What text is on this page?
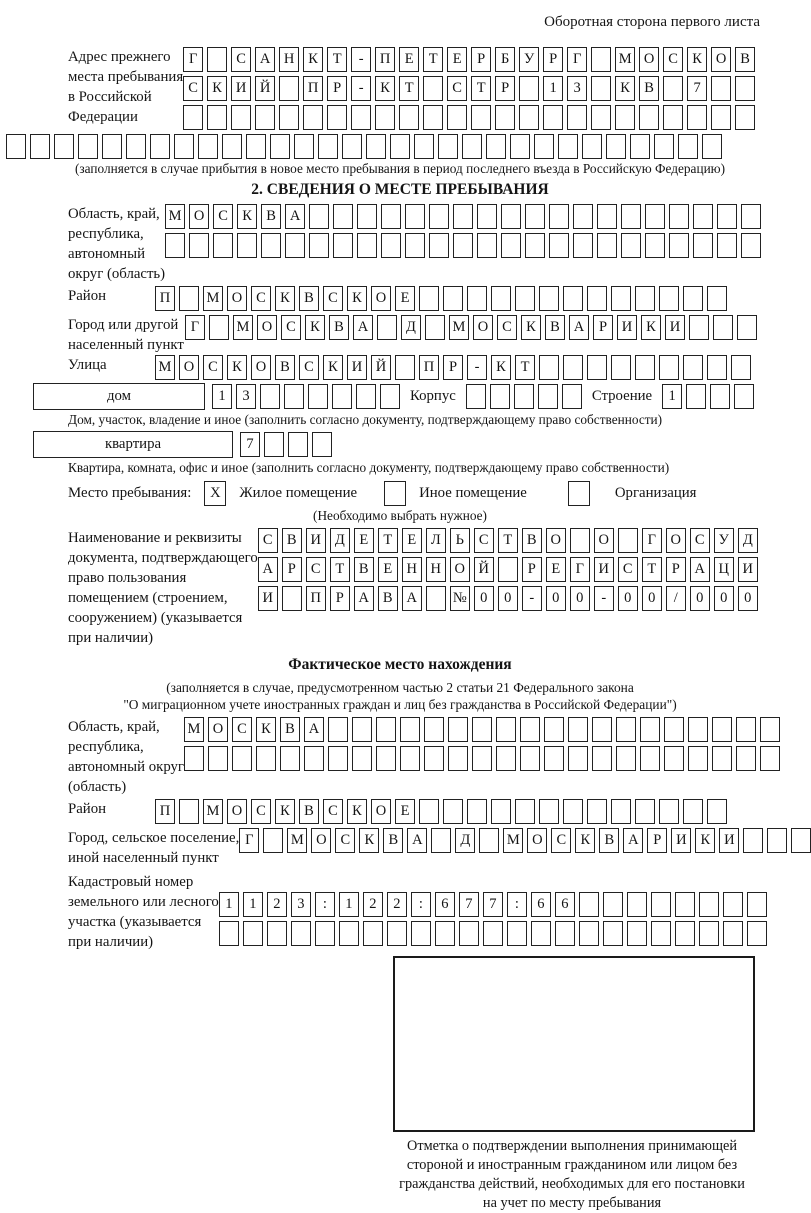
Оборотная сторона первого листа
Адрес прежнего
места пребывания
в Российской
Федерации
Г	С А Н К	Т	-	П Е	Т	Е	Р	Б	У	Р	Г	М О С К О В
С К И Й	П	Р	-	К	Т	С	Т	Р	1	3	К В	7
(заполняется в случае прибытия в новое место пребывания в период последнего въезда в Российскую Федерацию)
2. СВЕДЕНИЯ О МЕСТЕ ПРЕБЫВАНИЯ
Область, край,
республика,
автономный
округ (область)
М О С К В А
Район	П	М О С К В С К О Е
Город или другой
населенный пункт
Г	М О С К В А	Д	М О С К В А	Р	И К И
Улица	М О С К О В С К И Й	П	Р	-	К	Т
дом	1	3	Корпус	Строение	1
Дом, участок, владение и иное (заполнить согласно документу, подтверждающему право собственности)
квартира	7
Квартира, комната, офис и иное (заполнить согласно документу, подтверждающему право собственности)
Место пребывания:	X	Жилое помещение	Иное помещение	Организация
(Необходимо выбрать нужное)
Наименование и реквизиты
документа, подтверждающего
право пользования
помещением (строением,
сооружением) (указывается
при наличии)
С В И Д	Е	Т	Е	Л	Ь	С	Т	В О	О	Г	О С У Д
А	Р	С	Т	В	Е Н Н О Й	Р	Е	Г	И С	Т	Р	А Ц И
И	П	Р	А В А	№ 0	0	-	0	0	-	0	0	/	0	0	0
Фактическое место нахождения
(заполняется в случае, предусмотренном частью 2 статьи 21 Федерального закона
"О миграционном учете иностранных граждан и лиц без гражданства в Российской Федерации")
Область, край,
республика,
автономный округ
(область)
М О С К В А
Район	П	М О С К В С К О Е
Город, сельское поселение,
иной населенный пункт
Г	М О С К В А	Д	М О С К В А	Р	И К И
Кадастровый номер
земельного или лесного
участка (указывается
при наличии)
1	1	2	3	:	1	2	2	:	6	7	7	:	6	6
Отметка о подтверждении выполнения принимающей
стороной и иностранным гражданином или лицом без
гражданства действий, необходимых для его постановки
на учет по месту пребывания
